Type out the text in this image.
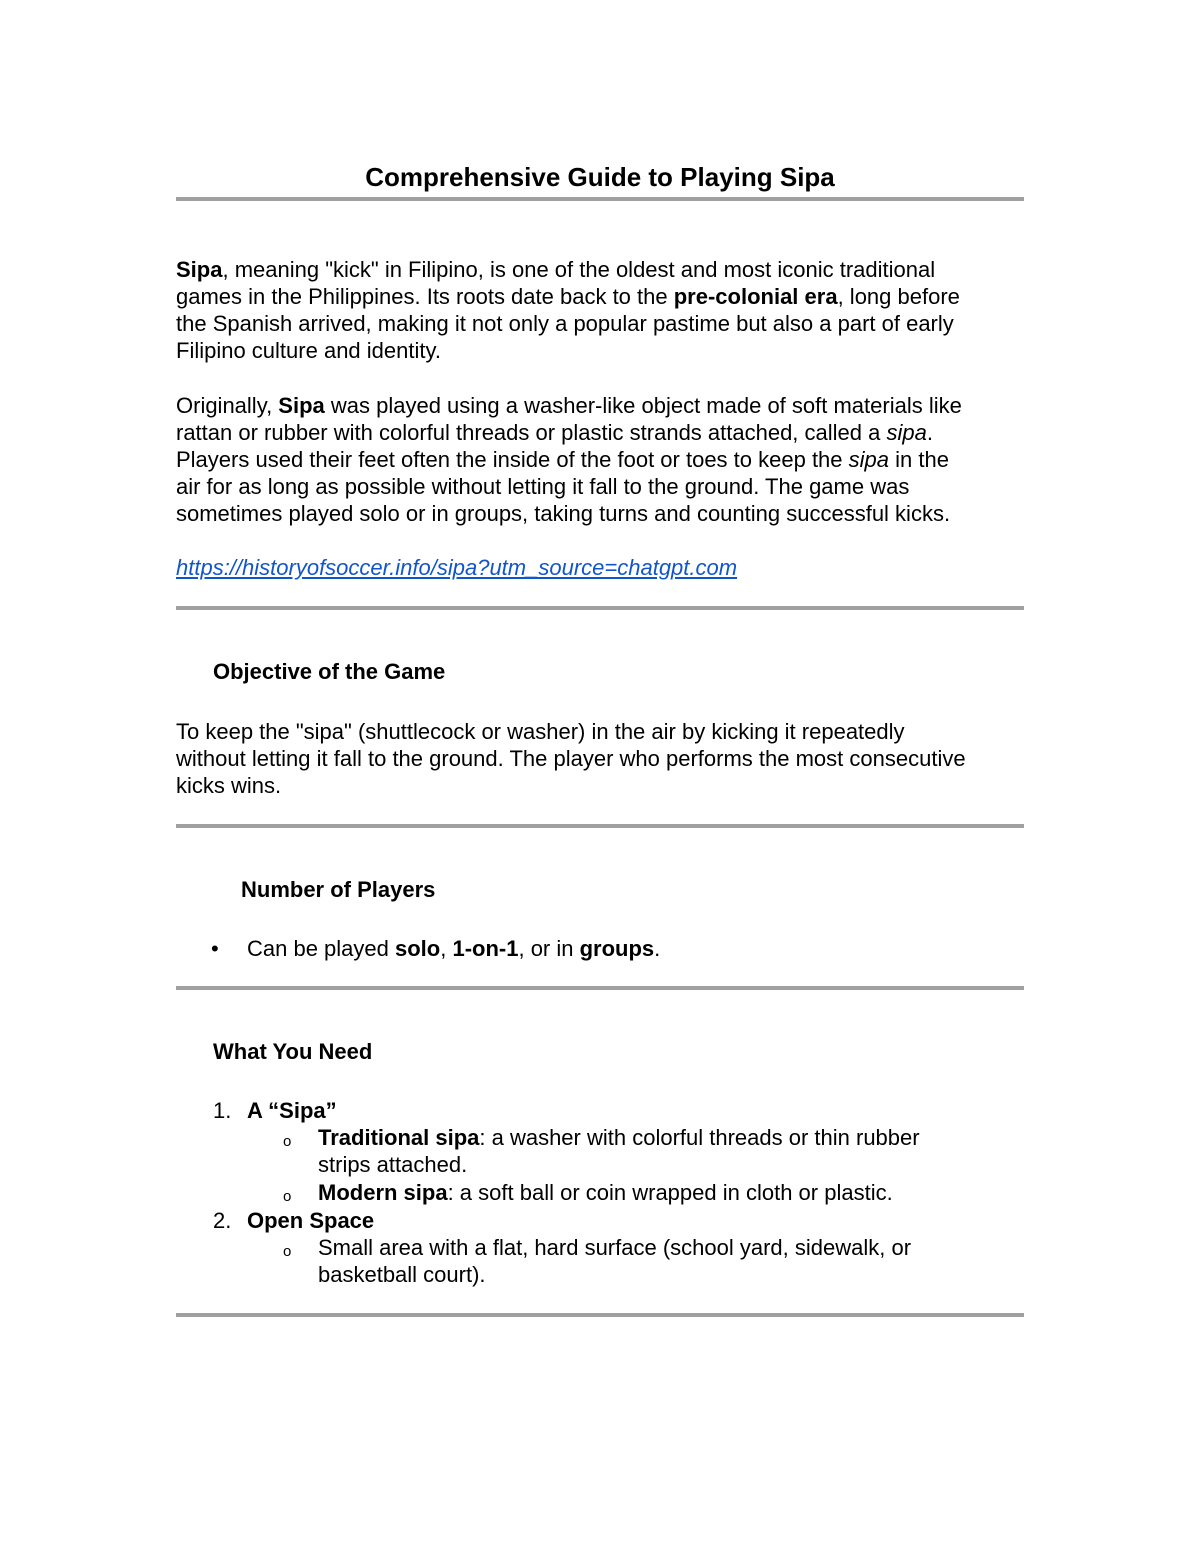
Comprehensive Guide to Playing Sipa

Sipa, meaning "kick" in Filipino, is one of the oldest and most iconic traditional

games in the Philippines. Its roots date back to the pre-colonial era, long before

the Spanish arrived, making it not only a popular pastime but also a part of early

Filipino culture and identity.

Originally, Sipa was played using a washer-like object made of soft materials like

rattan or rubber with colorful threads or plastic strands attached, called a sipa.

Players used their feet often the inside of the foot or toes to keep the sipa in the

air for as long as possible without letting it fall to the ground. The game was

sometimes played solo or in groups, taking turns and counting successful kicks.

https://historyofsoccer.info/sipa?utm_source=chatgpt.com
Objective of the Game

To keep the "sipa" (shuttlecock or washer) in the air by kicking it repeatedly

without letting it fall to the ground. The player who performs the most consecutive

kicks wins.

Number of Players
• Can be played solo, 1-on-1, or in groups.
What You Need
1. A “Sipa”
o Traditional sipa: a washer with colorful threads or thin rubber
strips attached.
o Modern sipa: a soft ball or coin wrapped in cloth or plastic.
2. Open Space
o Small area with a flat, hard surface (school yard, sidewalk, or
basketball court).
